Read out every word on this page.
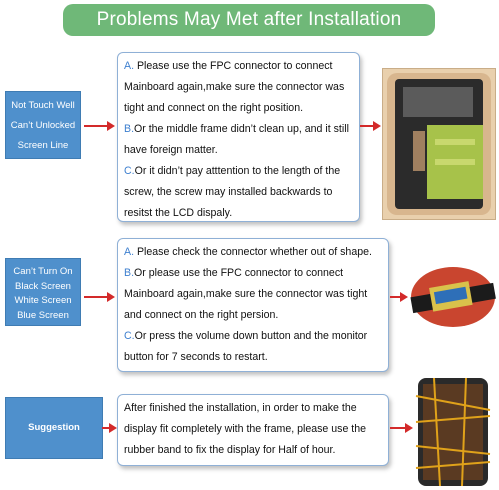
Problems May Met after Installation
Not Touch Well
Can’t Unlocked
Screen Line

A. Please use the FPC connector to connect Mainboard again,make sure the connector was tight and connect on the right position.

B.Or the middle frame didn’t clean up, and it still have foreign matter.

C.Or it didn’t pay atttention to the length of the screw, the screw may installed backwards to resitst the LCD dispaly.

Can’t Turn On
Black Screen
White Screen
Blue Screen

A. Please check the connector whether out of shape.

B.Or please use the FPC connector to connect Mainboard again,make sure the connector was tight and connect on the right persion.

C.Or press the volume down button and the monitor button for 7 seconds to restart.

Suggestion

After finished the installation, in order to make the display fit completely with the frame, please use the rubber band to fix the display for Half of hour.
